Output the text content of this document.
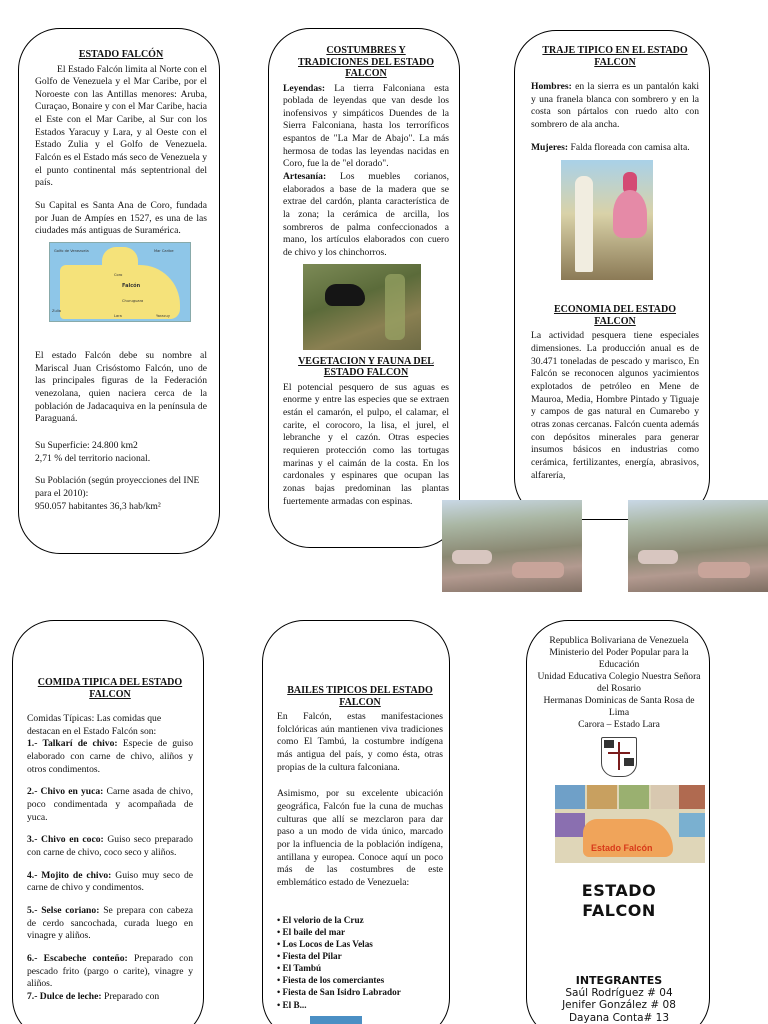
ESTADO FALCÓN

El Estado Falcón limita al Norte con el Golfo de Venezuela y el Mar Caribe, por el Noroeste con las Antillas menores: Aruba, Curaçao, Bonaire y con el Mar Caribe, hacia el Este con el Mar Caribe, al Sur con los Estados Yaracuy y Lara, y al Oeste con el Estado Zulia y el Golfo de Venezuela. Falcón es el Estado más seco de Venezuela y el punto continental más septentrional del país.

Su Capital es Santa Ana de Coro, fundada por Juan de Ampíes en 1527, es una de las ciudades más antiguas de Suramérica.

Golfo de Venezuela	Mar Caribe
Falcón
Coro
Churuguara
Zulia
Lara	Yaracuy

El estado Falcón debe su nombre al Mariscal Juan Crisóstomo Falcón, uno de las principales figuras de la Federación venezolana, quien naciera cerca de la población de Jadacaquiva en la península de Paraguaná.

Su Superficie: 24.800 km2

2,71 % del territorio nacional.

Su Población (según proyecciones del INE para el 2010):

950.057 habitantes 36,3 hab/km²

COSTUMBRES Y TRADICIONES DEL ESTADO FALCON

Leyendas: La tierra Falconiana esta poblada de leyendas que van desde los inofensivos y simpáticos Duendes de la Sierra Falconiana, hasta los terroríficos espantos de "La Mar de Abajo". La más hermosa de todas las leyendas nacidas en Coro, fue la de "el dorado".

Artesanía: Los muebles corianos, elaborados a base de la madera que se extrae del cardón, planta característica de la zona; la cerámica de arcilla, los sombreros de palma confeccionados a mano, los artículos elaborados con cuero de chivo y los chinchorros.

VEGETACION Y FAUNA DEL ESTADO FALCON

El potencial pesquero de sus aguas es enorme y entre las especies que se extraen están el camarón, el pulpo, el calamar, el carite, el corocoro, la lisa, el jurel, el lebranche y el cazón. Otras especies requieren protección como las tortugas marinas y el caimán de la costa. En los cardonales y espinares que ocupan las zonas bajas predominan las plantas fuertemente armadas con espinas.

TRAJE TIPICO EN EL ESTADO FALCON

Hombres: en la sierra es un pantalón kaki y una franela blanca con sombrero y en la costa son pártalos con ruedo alto con sombrero de ala ancha.

Mujeres: Falda floreada con camisa alta.

ECONOMIA DEL ESTADO FALCON

La actividad pesquera tiene especiales dimensiones. La producción anual es de 30.471 toneladas de pescado y marisco, En Falcón se reconocen algunos yacimientos explotados de petróleo en Mene de Mauroa, Media, Hombre Pintado y Tiguaje y campos de gas natural en Cumarebo y otras zonas cercanas. Falcón cuenta además con depósitos minerales para generar insumos básicos en industrias como cerámica, fertilizantes, energía, abrasivos, alfarería,

COMIDA TIPICA DEL ESTADO FALCON

Comidas Típicas: Las comidas que destacan en el Estado Falcón son:

1.- Talkarí de chivo: Especie de guiso elaborado con carne de chivo, aliños y otros condimentos.

2.- Chivo en yuca: Carne asada de chivo, poco condimentada y acompañada de yuca.

3.- Chivo en coco: Guiso seco preparado con carne de chivo, coco seco y aliños.

4.- Mojito de chivo: Guiso muy seco de carne de chivo y condimentos.

5.- Selse coriano: Se prepara con cabeza de cerdo sancochada, curada luego en vinagre y aliños.

6.- Escabeche conteño: Preparado con pescado frito (pargo o carite), vinagre y aliños.

7.- Dulce de leche: Preparado con

BAILES TIPICOS DEL ESTADO FALCON

En Falcón, estas manifestaciones folclóricas aún mantienen viva tradiciones como El Tambú, la costumbre indígena más antigua del país, y como ésta, otras propias de la cultura falconiana.

Asimismo, por su excelente ubicación geográfica, Falcón fue la cuna de muchas culturas que allí se mezclaron para dar paso a un modo de vida único, marcado por la influencia de la población indígena, antillana y europea. Conoce aquí un poco más de las costumbres de este emblemático estado de Venezuela:

• El velorio de la Cruz
• El baile del mar
• Los Locos de Las Velas
• Fiesta del Pilar
• El Tambú
• Fiesta de los comerciantes
• Fiesta de San Isidro Labrador
• El B...

Republica Bolivariana de Venezuela

Ministerio del Poder Popular para la Educación

Unidad Educativa Colegio Nuestra Señora del Rosario

Hermanas Dominicas de Santa Rosa de Lima

Carora – Estado Lara

Estado Falcón
ESTADO
FALCON
INTEGRANTES

Saúl Rodríguez # 04

Jenifer González # 08

Dayana Conta# 13
